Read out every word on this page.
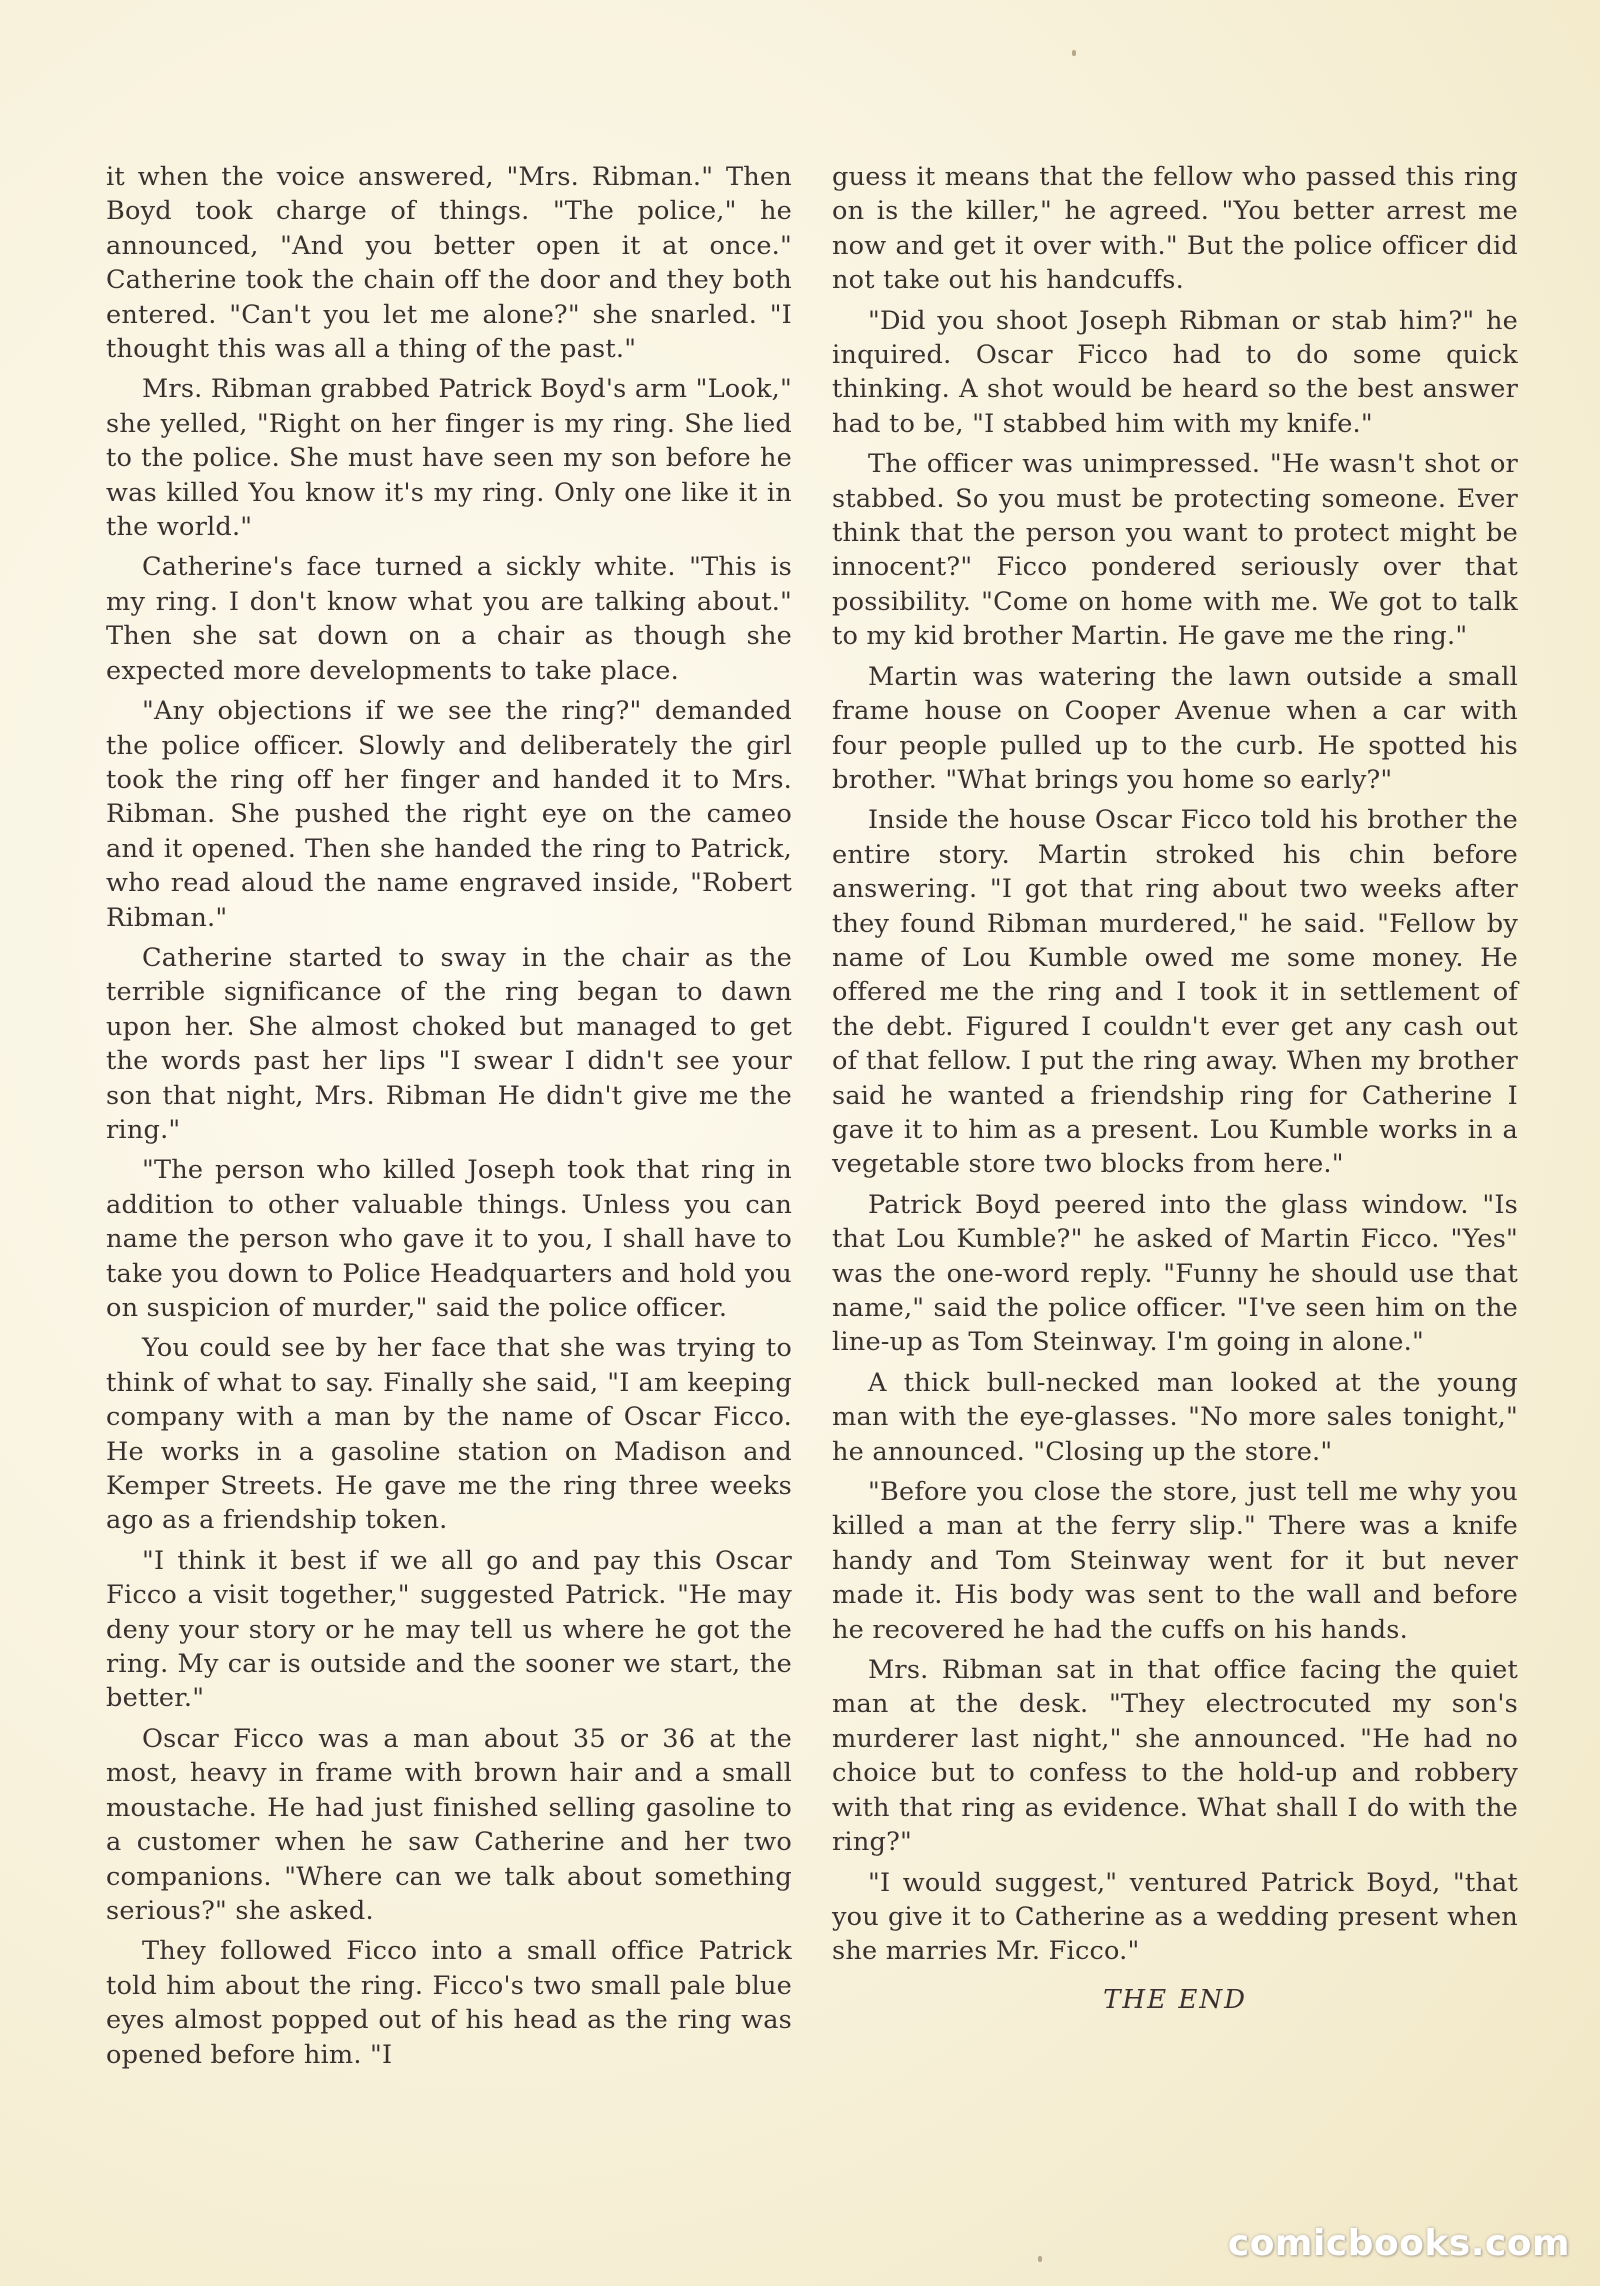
it when the voice answered, "Mrs. Ribman." Then Boyd took charge of things. "The police," he announced, "And you better open it at once." Catherine took the chain off the door and they both entered. "Can't you let me alone?" she snarled. "I thought this was all a thing of the past."

Mrs. Ribman grabbed Patrick Boyd's arm "Look," she yelled, "Right on her finger is my ring. She lied to the police. She must have seen my son before he was killed You know it's my ring. Only one like it in the world."

Catherine's face turned a sickly white. "This is my ring. I don't know what you are talking about." Then she sat down on a chair as though she expected more developments to take place.

"Any objections if we see the ring?" demanded the police officer. Slowly and deliberately the girl took the ring off her finger and handed it to Mrs. Ribman. She pushed the right eye on the cameo and it opened. Then she handed the ring to Patrick, who read aloud the name engraved inside, "Robert Ribman."

Catherine started to sway in the chair as the terrible significance of the ring began to dawn upon her. She almost choked but managed to get the words past her lips "I swear I didn't see your son that night, Mrs. Ribman He didn't give me the ring."

"The person who killed Joseph took that ring in addition to other valuable things. Unless you can name the person who gave it to you, I shall have to take you down to Police Headquarters and hold you on suspicion of murder," said the police officer.

You could see by her face that she was trying to think of what to say. Finally she said, "I am keeping company with a man by the name of Oscar Ficco. He works in a gasoline station on Madison and Kemper Streets. He gave me the ring three weeks ago as a friendship token.

"I think it best if we all go and pay this Oscar Ficco a visit together," suggested Patrick. "He may deny your story or he may tell us where he got the ring. My car is outside and the sooner we start, the better."

Oscar Ficco was a man about 35 or 36 at the most, heavy in frame with brown hair and a small moustache. He had just finished selling gasoline to a customer when he saw Catherine and her two companions. "Where can we talk about something serious?" she asked.

They followed Ficco into a small office Patrick told him about the ring. Ficco's two small pale blue eyes almost popped out of his head as the ring was opened before him. "I

guess it means that the fellow who passed this ring on is the killer," he agreed. "You better arrest me now and get it over with." But the police officer did not take out his handcuffs.

"Did you shoot Joseph Ribman or stab him?" he inquired. Oscar Ficco had to do some quick thinking. A shot would be heard so the best answer had to be, "I stabbed him with my knife."

The officer was unimpressed. "He wasn't shot or stabbed. So you must be protecting someone. Ever think that the person you want to protect might be innocent?" Ficco pondered seriously over that possibility. "Come on home with me. We got to talk to my kid brother Martin. He gave me the ring."

Martin was watering the lawn outside a small frame house on Cooper Avenue when a car with four people pulled up to the curb. He spotted his brother. "What brings you home so early?"

Inside the house Oscar Ficco told his brother the entire story. Martin stroked his chin before answering. "I got that ring about two weeks after they found Ribman murdered," he said. "Fellow by name of Lou Kumble owed me some money. He offered me the ring and I took it in settlement of the debt. Figured I couldn't ever get any cash out of that fellow. I put the ring away. When my brother said he wanted a friendship ring for Catherine I gave it to him as a present. Lou Kumble works in a vegetable store two blocks from here."

Patrick Boyd peered into the glass window. "Is that Lou Kumble?" he asked of Martin Ficco. "Yes" was the one-word reply. "Funny he should use that name," said the police officer. "I've seen him on the line-up as Tom Steinway. I'm going in alone."

A thick bull-necked man looked at the young man with the eye-glasses. "No more sales tonight," he announced. "Closing up the store."

"Before you close the store, just tell me why you killed a man at the ferry slip." There was a knife handy and Tom Steinway went for it but never made it. His body was sent to the wall and before he recovered he had the cuffs on his hands.

Mrs. Ribman sat in that office facing the quiet man at the desk. "They electrocuted my son's murderer last night," she announced. "He had no choice but to confess to the hold-up and robbery with that ring as evidence. What shall I do with the ring?"

"I would suggest," ventured Patrick Boyd, "that you give it to Catherine as a wedding present when she marries Mr. Ficco."

THE END

comicbooks.com
